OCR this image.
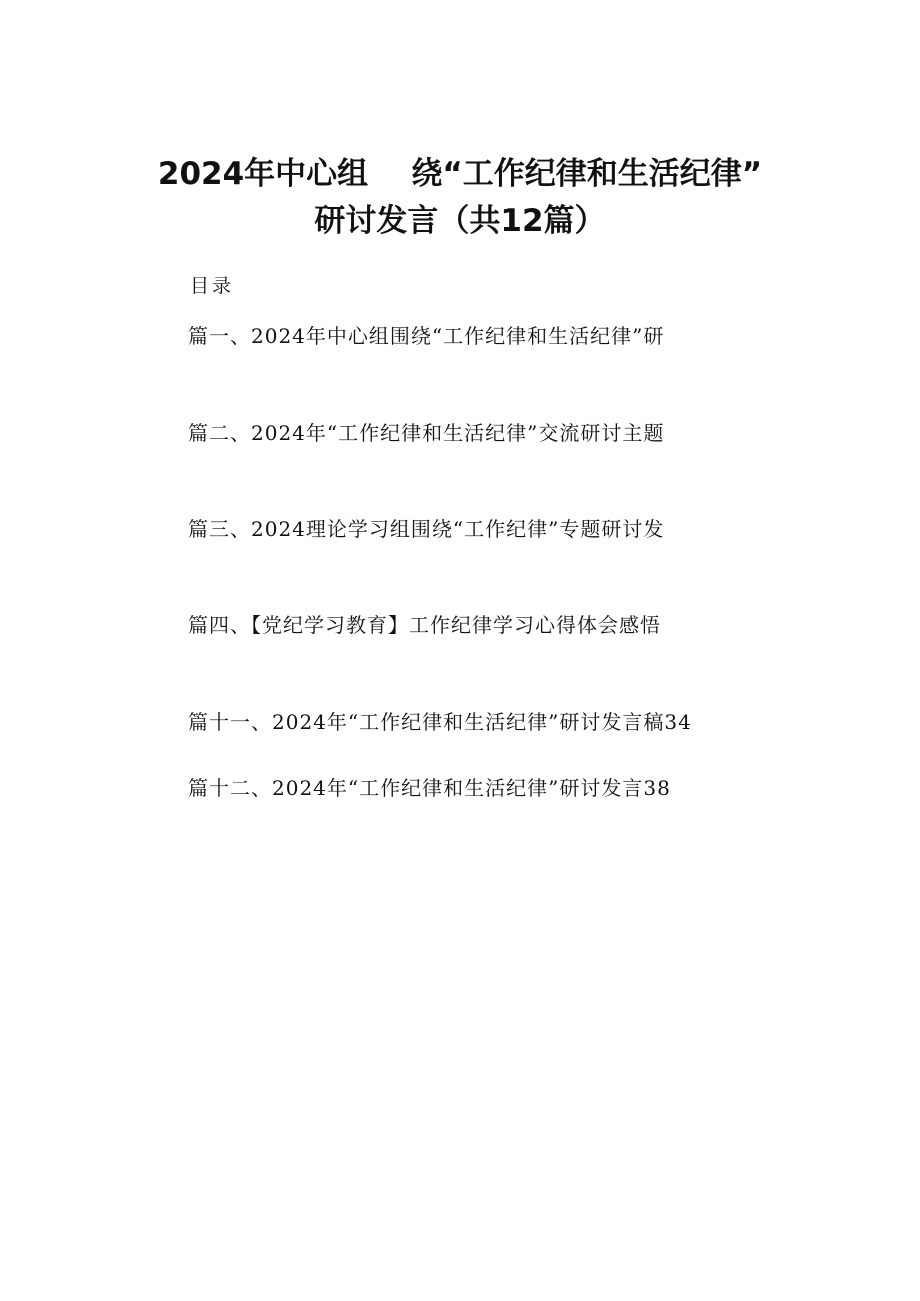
2024年中心组    绕“工作纪律和生活纪律”
研讨发言（共12篇）
目录
篇一、2024年中心组围绕“工作纪律和生活纪律”研
篇二、2024年“工作纪律和生活纪律”交流研讨主题
篇三、2024理论学习组围绕“工作纪律”专题研讨发
篇四、【党纪学习教育】工作纪律学习心得体会感悟
篇十一、2024年“工作纪律和生活纪律”研讨发言稿34
篇十二、2024年“工作纪律和生活纪律”研讨发言38
